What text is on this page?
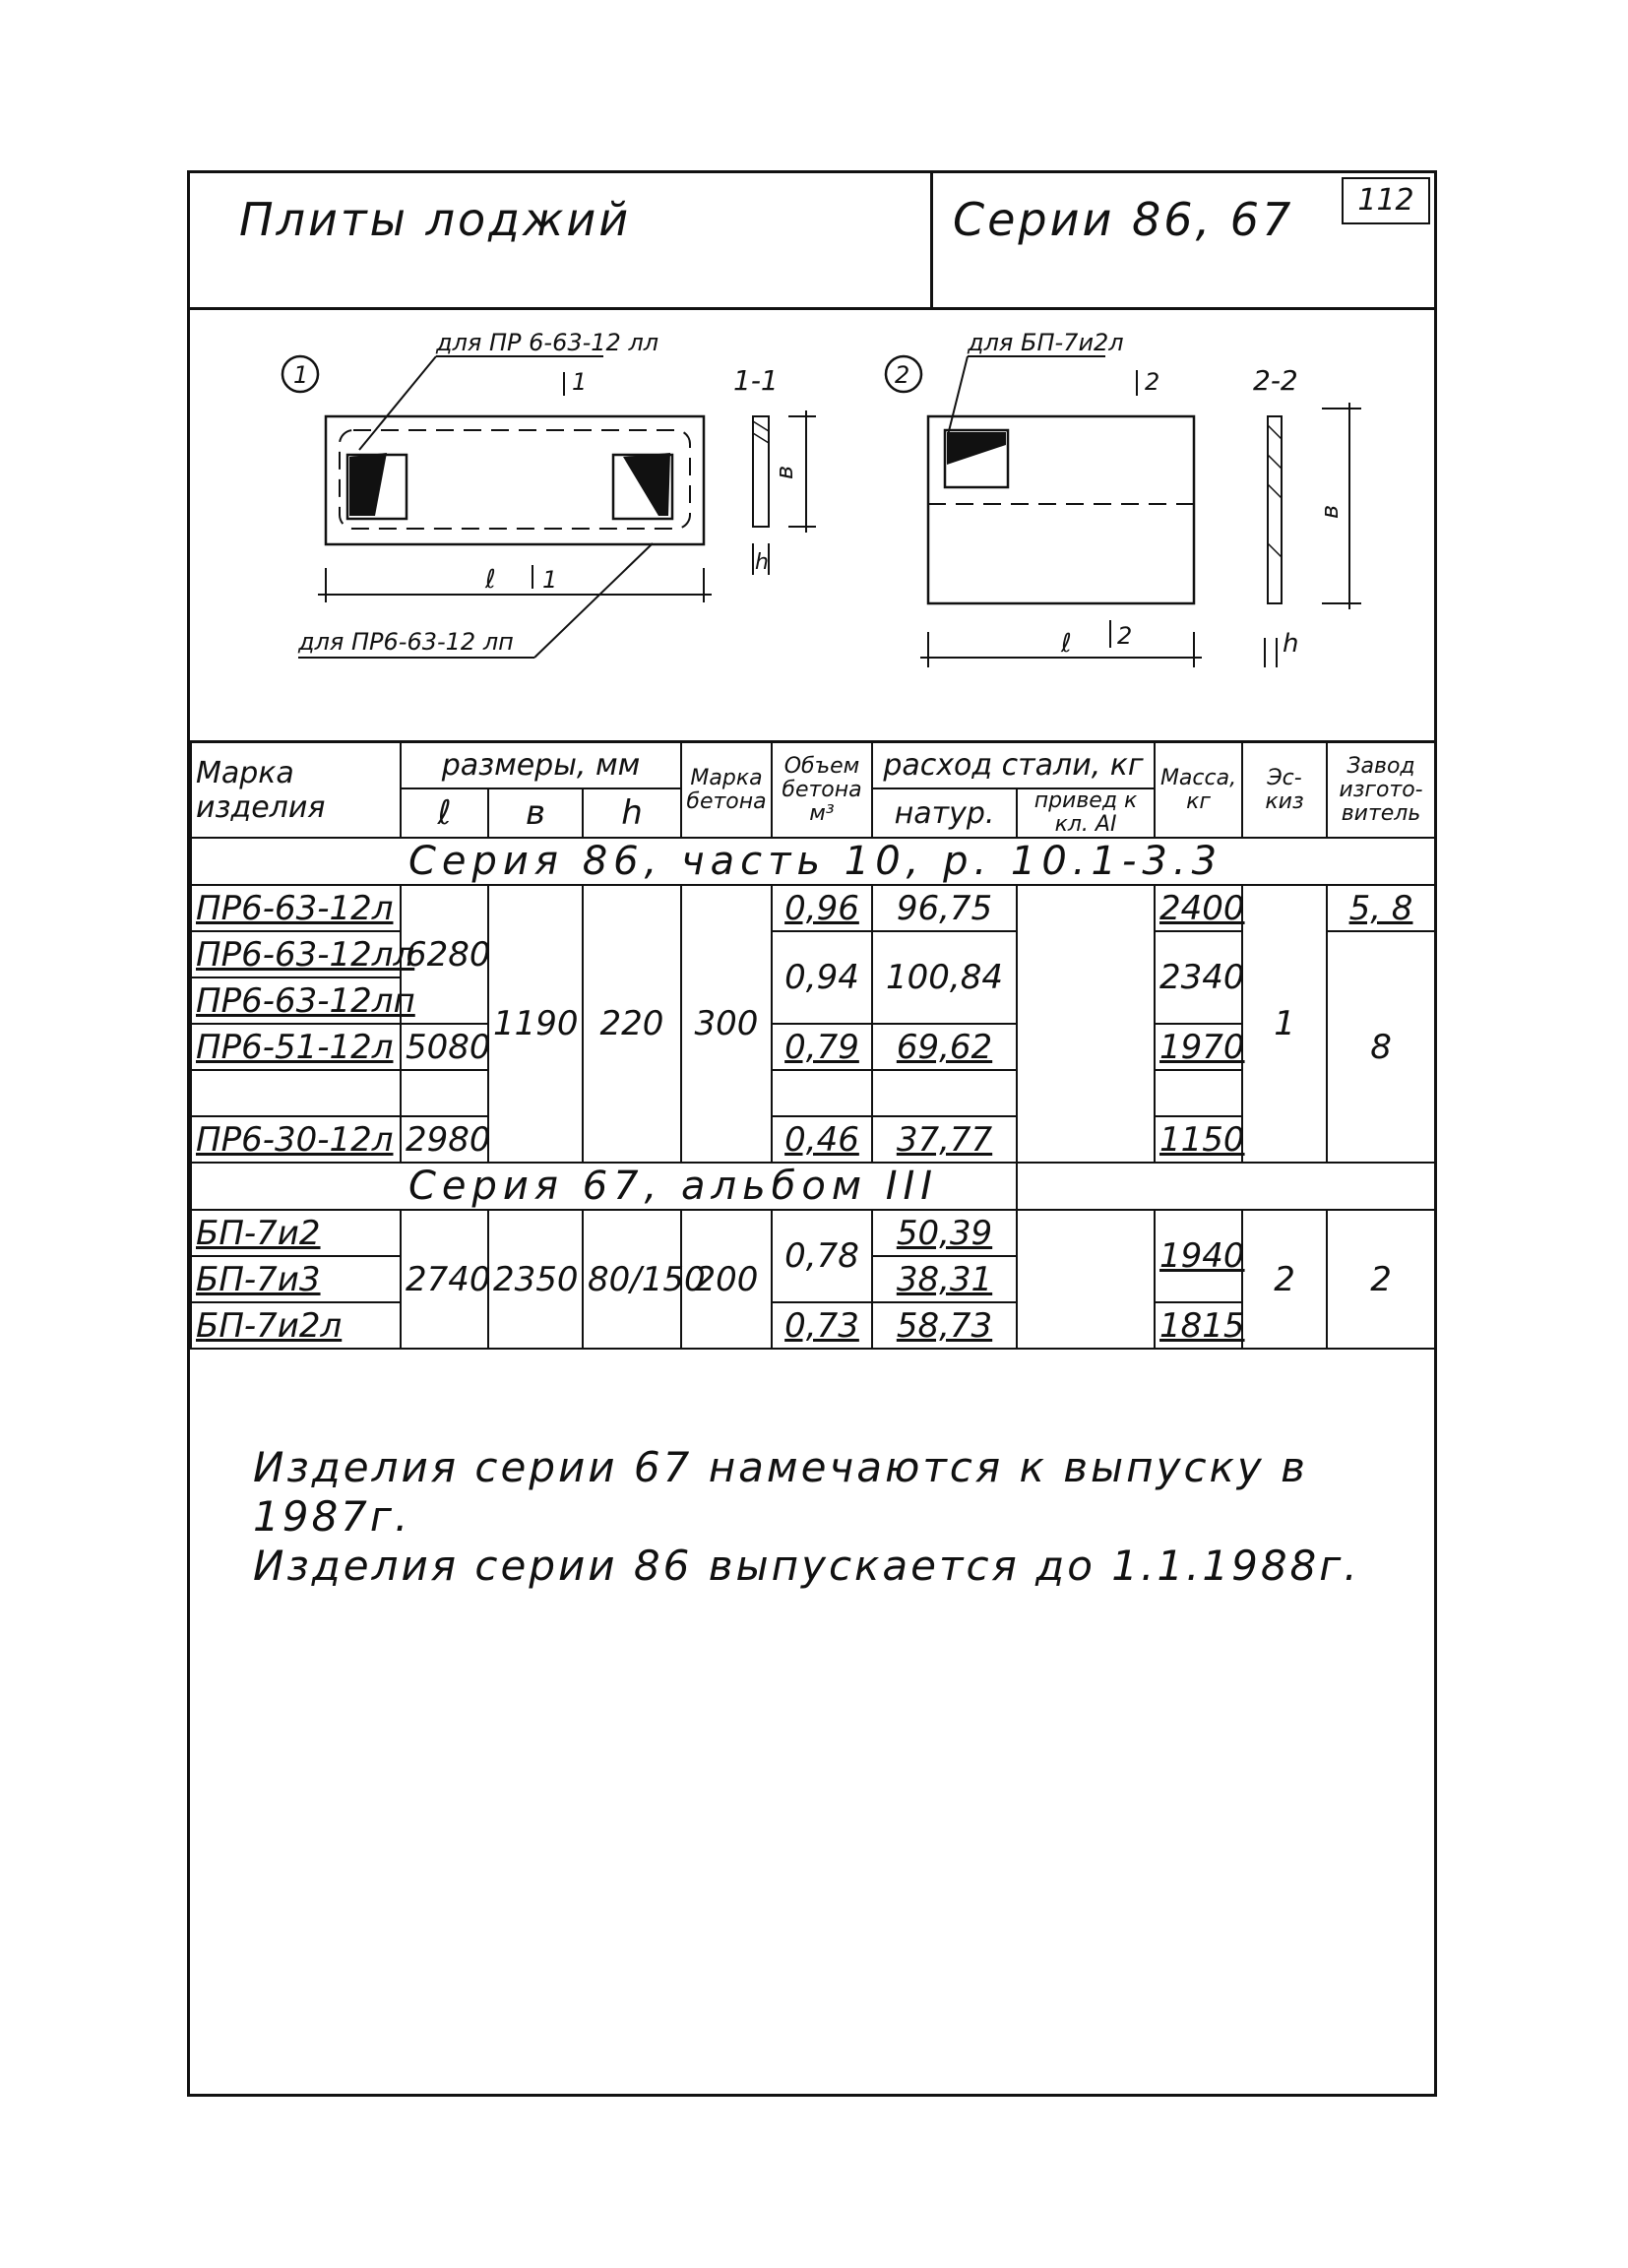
Плиты лоджий	Серии 86, 67	112
1
для ПР 6-63-12 лл
1
ℓ 1
для ПР6-63-12 лп
1-1
в
h
2
для БП-7и2л
2
ℓ 2
2-2
в
h
Марка
изделия	размеры, мм			Марка бетона	Объем бетона м³	расход стали, кг		Масса, кг	Эс- киз	Завод изгото- витель
	ℓ	в	h			натур.	привед к кл. АI			
Серия 86, часть 10, р. 10.1-3.3										
ПР6-63-12л	6280	1190	220	300	0,96	96,75		2400	1	5, 8
ПР6-63-12лл					0,94	100,84		2340		8
ПР6-63-12лп										
ПР6-51-12л	5080				0,79	69,62		1970		

ПР6-30-12л	2980				0,46	37,77		1150		
Серия 67, альбом III										
БП-7и2	2740	2350	80/150	200	0,78	50,39		1940	2	2
БП-7и3						38,31				
БП-7и2л					0,73	58,73		1815		
Изделия серии 67 намечаются к выпуску в 1987г.
Изделия серии 86 выпускается до 1.1.1988г.
